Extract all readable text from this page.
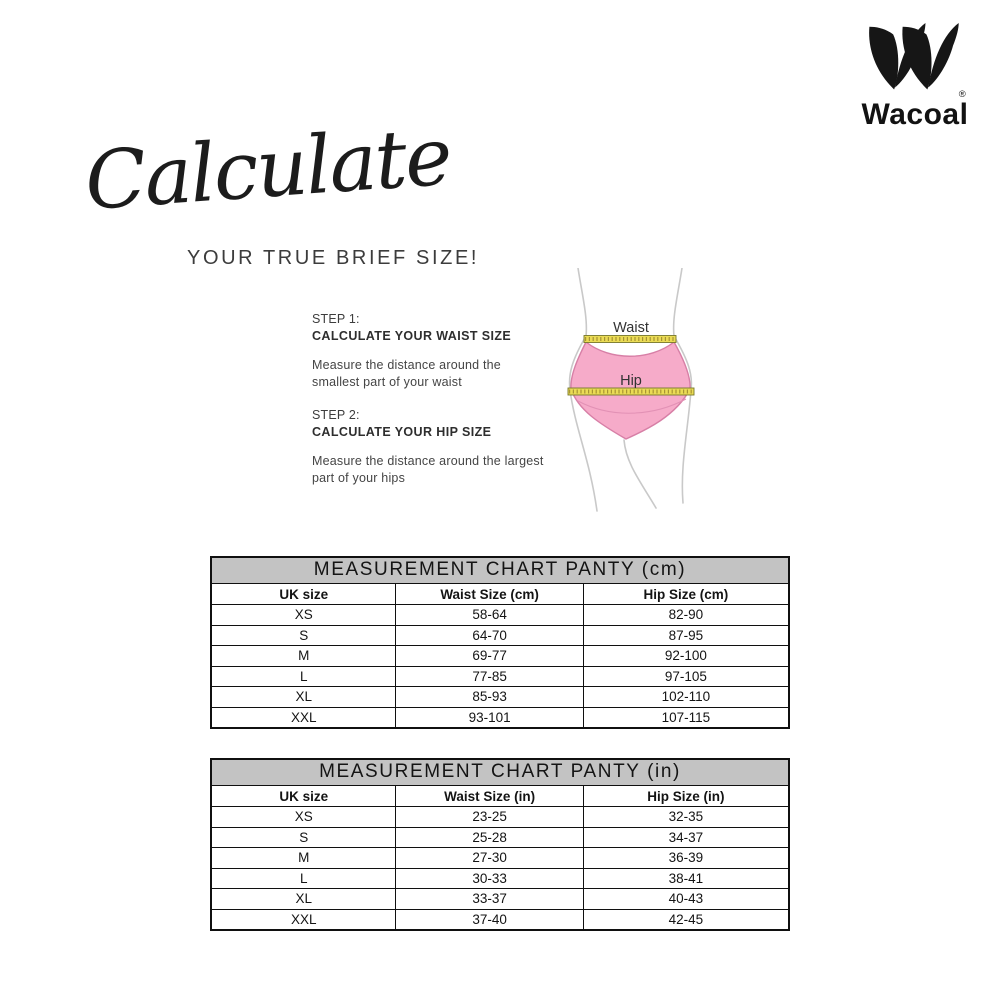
®
Wacoal
Calculate
YOUR TRUE BRIEF SIZE!
STEP 1:
CALCULATE YOUR WAIST SIZE
Measure the distance around the
smallest part of your waist
STEP 2:
CALCULATE YOUR HIP SIZE
Measure the distance around the largest
part of your hips
Waist
Hip
MEASUREMENT CHART PANTY (cm)		
UK size	Waist Size (cm)	Hip Size (cm)
XS	58-64	82-90
S	64-70	87-95
M	69-77	92-100
L	77-85	97-105
XL	85-93	102-110
XXL	93-101	107-115
MEASUREMENT CHART PANTY (in)		
UK size	Waist Size (in)	Hip Size (in)
XS	23-25	32-35
S	25-28	34-37
M	27-30	36-39
L	30-33	38-41
XL	33-37	40-43
XXL	37-40	42-45
